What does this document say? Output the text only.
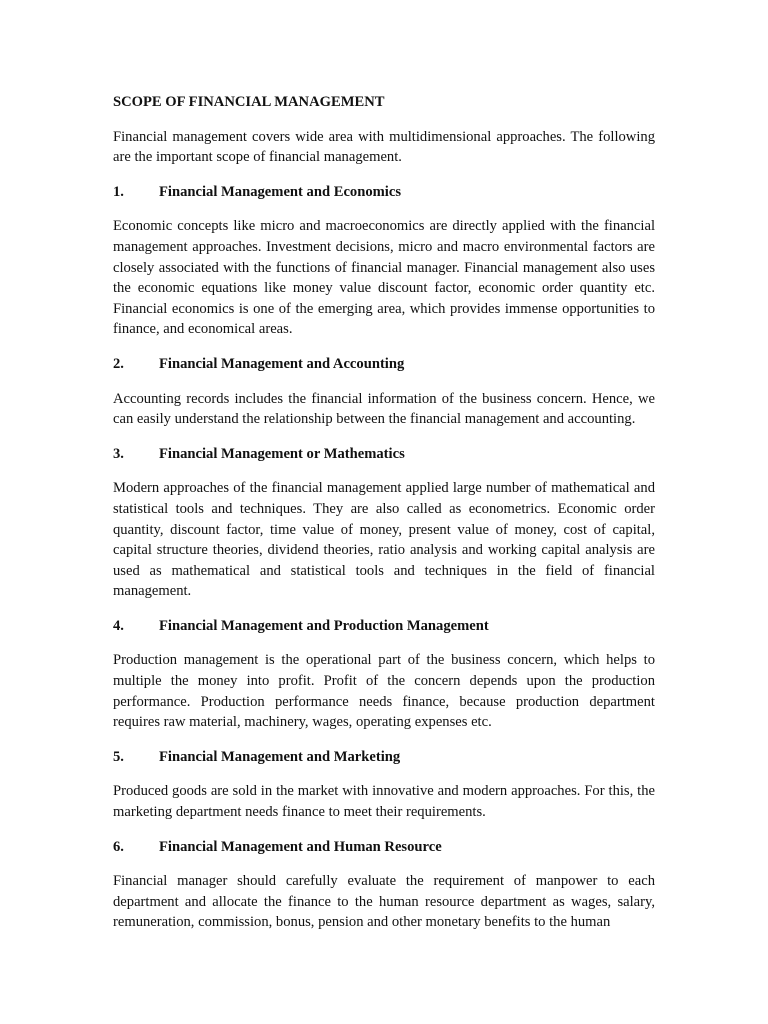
SCOPE OF FINANCIAL MANAGEMENT
Financial management covers wide area with multidimensional approaches. The following are the important scope of financial management.
1.	Financial Management and Economics
Economic concepts like micro and macroeconomics are directly applied with the financial management approaches. Investment decisions, micro and macro environmental factors are closely associated with the functions of financial manager. Financial management also uses the economic equations like money value discount factor, economic order quantity etc. Financial economics is one of the emerging area, which provides immense opportunities to finance, and economical areas.
2.	Financial Management and Accounting
Accounting records includes the financial information of the business concern. Hence, we can easily understand the relationship between the financial management and accounting.
3.	Financial Management or Mathematics
Modern approaches of the financial management applied large number of mathematical and statistical tools and techniques. They are also called as econometrics. Economic order quantity, discount factor, time value of money, present value of money, cost of capital, capital structure theories, dividend theories, ratio analysis and working capital analysis are used as mathematical and statistical tools and techniques in the field of financial management.
4.	Financial Management and Production Management
Production management is the operational part of the business concern, which helps to multiple the money into profit. Profit of the concern depends upon the production performance. Production performance needs finance, because production department requires raw material, machinery, wages, operating expenses etc.
5.	Financial Management and Marketing
Produced goods are sold in the market with innovative and modern approaches. For this, the marketing department needs finance to meet their requirements.
6.	Financial Management and Human Resource
Financial manager should carefully evaluate the requirement of manpower to each department and allocate the finance to the human resource department as wages, salary, remuneration, commission, bonus, pension and other monetary benefits to the human
